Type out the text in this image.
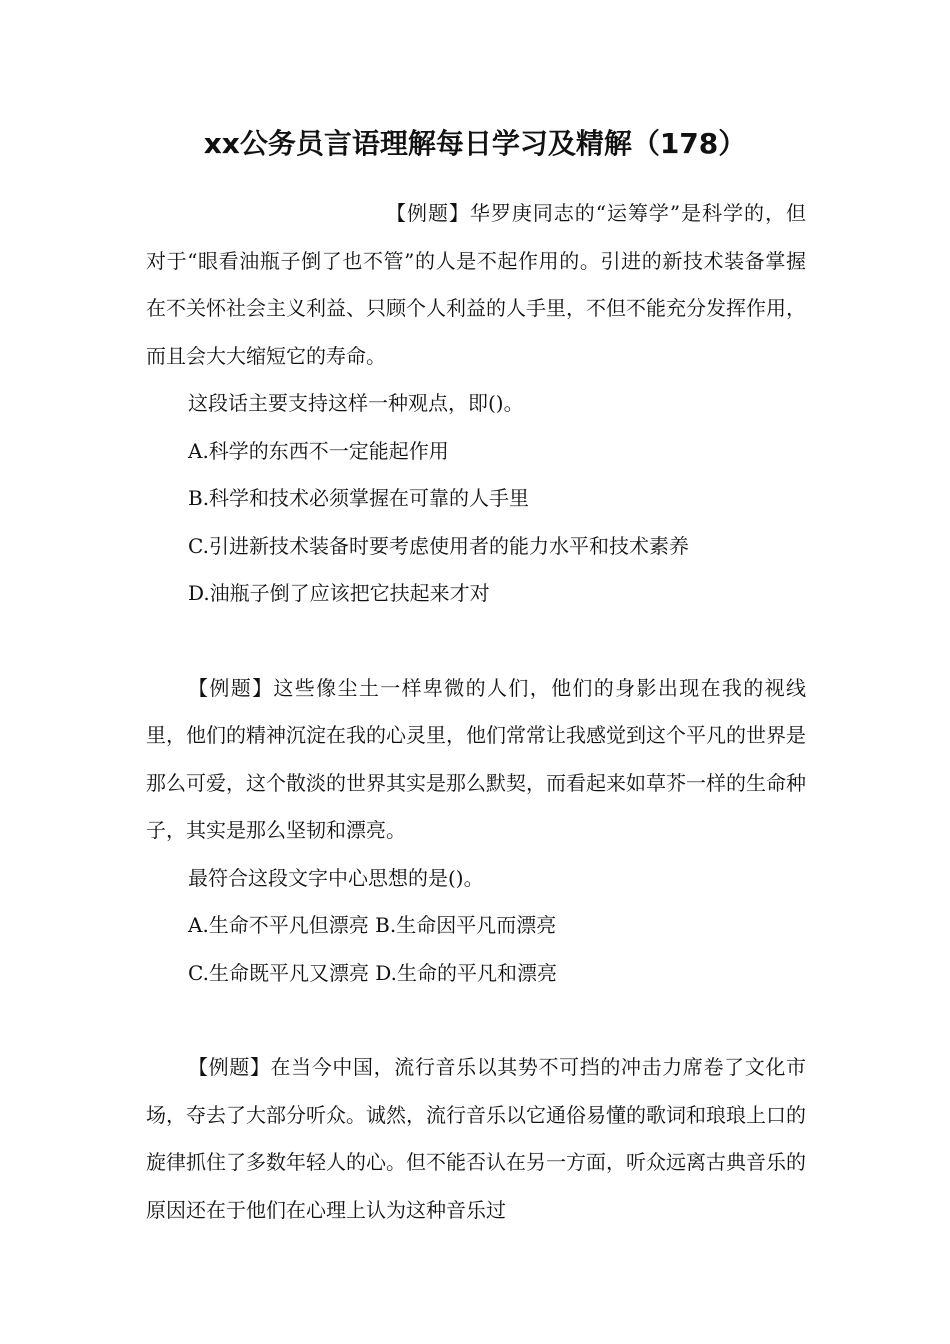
xx公务员言语理解每日学习及精解（178）

【例题】华罗庚同志的“运筹学”是科学的，但对于“眼看油瓶子倒了也不管”的人是不起作用的。引进的新技术装备掌握在不关怀社会主义利益、只顾个人利益的人手里，不但不能充分发挥作用，而且会大大缩短它的寿命。

这段话主要支持这样一种观点，即()。

A.科学的东西不一定能起作用

B.科学和技术必须掌握在可靠的人手里

C.引进新技术装备时要考虑使用者的能力水平和技术素养

D.油瓶子倒了应该把它扶起来才对

【例题】这些像尘土一样卑微的人们，他们的身影出现在我的视线里，他们的精神沉淀在我的心灵里，他们常常让我感觉到这个平凡的世界是那么可爱，这个散淡的世界其实是那么默契，而看起来如草芥一样的生命种子，其实是那么坚韧和漂亮。

最符合这段文字中心思想的是()。

A.生命不平凡但漂亮 B.生命因平凡而漂亮

C.生命既平凡又漂亮 D.生命的平凡和漂亮

【例题】在当今中国，流行音乐以其势不可挡的冲击力席卷了文化市场，夺去了大部分听众。诚然，流行音乐以它通俗易懂的歌词和琅琅上口的旋律抓住了多数年轻人的心。但不能否认在另一方面，听众远离古典音乐的原因还在于他们在心理上认为这种音乐过
